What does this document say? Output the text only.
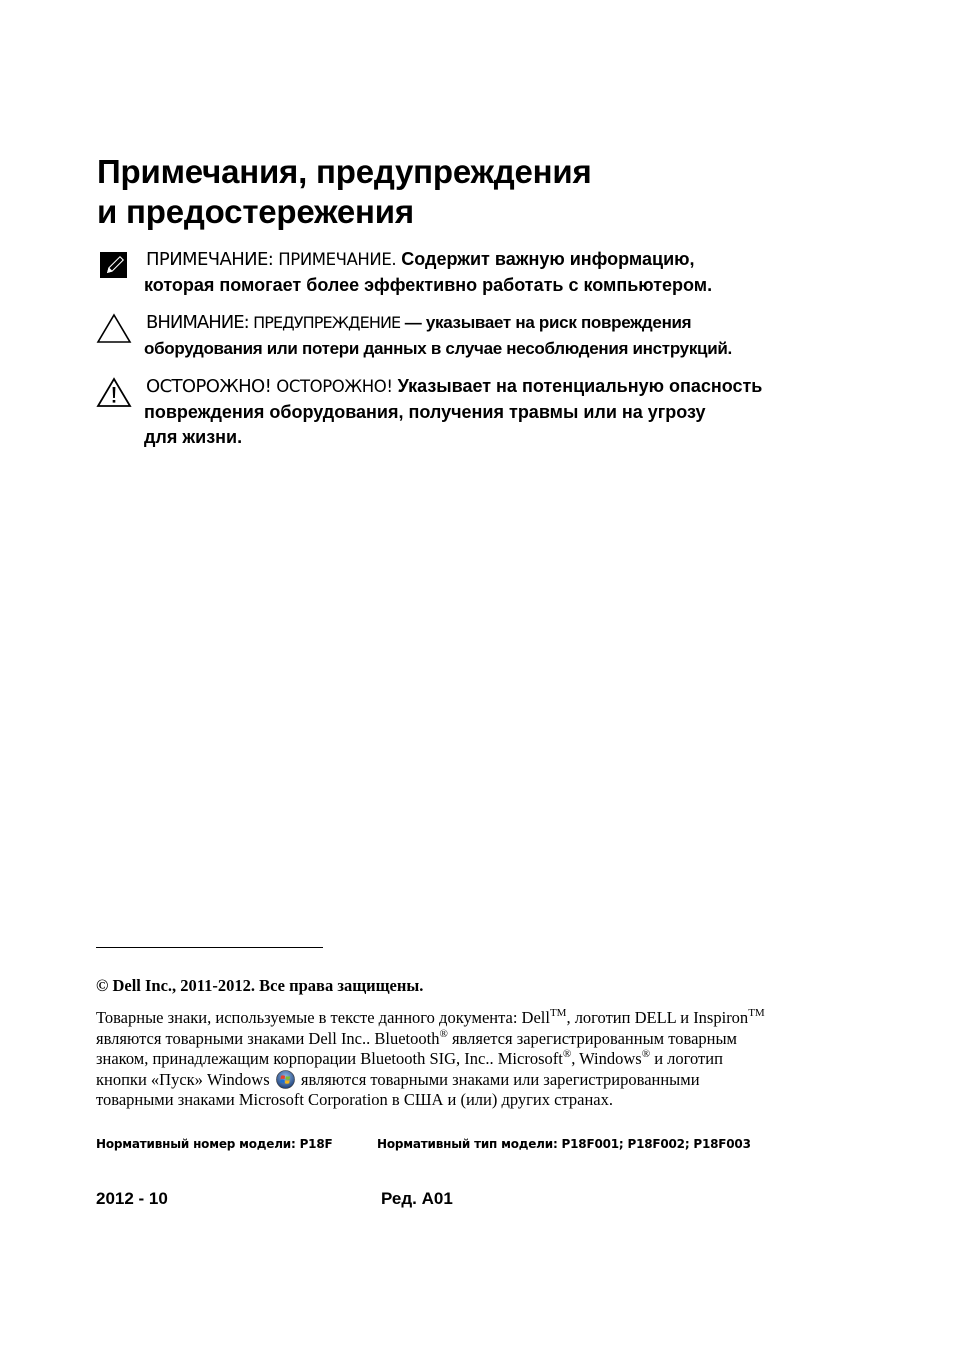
Примечания, предупреждения
и предостережения
ПРИМЕЧАНИЕ: ПРИМЕЧАНИЕ. Содержит важную информацию,
которая помогает более эффективно работать с компьютером.
ВНИМАНИЕ: ПРЕДУПРЕЖДЕНИЕ — указывает на риск повреждения
оборудования или потери данных в случае несоблюдения инструкций.
ОСТОРОЖНО! ОСТОРОЖНО! Указывает на потенциальную опасность
повреждения оборудования, получения травмы или на угрозу
для жизни.
© Dell Inc., 2011-2012. Все права защищены.
Товарные знаки, используемые в тексте данного документа: Dell™, логотип DELL и Inspiron™
являются товарными знаками Dell Inc.. Bluetooth® является зарегистрированным товарным
знаком, принадлежащим корпорации Bluetooth SIG, Inc.. Microsoft®, Windows® и логотип
кнопки «Пуск» Windows являются товарными знаками или зарегистрированными
товарными знаками Microsoft Corporation в США и (или) других странах.
Нормативный номер модели: P18F	Нормативный тип модели: P18F001; P18F002; P18F003
2012 - 10	Ред. A01
